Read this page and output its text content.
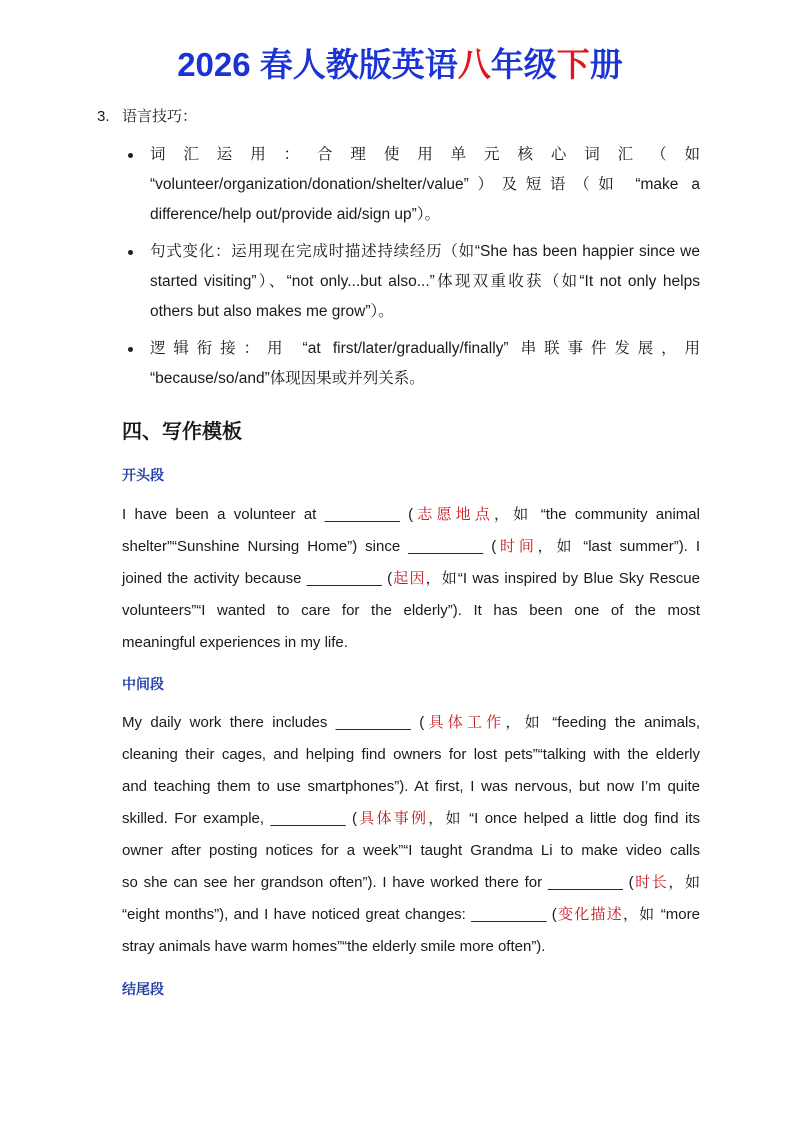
2026 春人教版英语八年级下册
3. 语言技巧：
词汇运用：合理使用单元核心词汇（如
“volunteer/organization/donation/shelter/value”）及短语（如 “make a
difference/help out/provide aid/sign up”）。
句式变化：运用现在完成时描述持续经历（如“She has been happier since we
started visiting”）、“not only...but also...”体现双重收获（如“It not only helps
others but also makes me grow”）。
逻辑衔接：用 “at first/later/gradually/finally” 串联事件发展，用
“because/so/and”体现因果或并列关系。
四、写作模板
开头段
I have been a volunteer at _________ (志愿地点，如 “the community animal
shelter”“Sunshine Nursing Home”) since _________ (时间，如 “last summer”). I
joined the activity because _________ (起因，如“I was inspired by Blue Sky Rescue
volunteers”“I wanted to care for the elderly”). It has been one of the most
meaningful experiences in my life.
中间段
My daily work there includes _________ (具体工作，如 “feeding the animals,
cleaning their cages, and helping find owners for lost pets”“talking with the elderly
and teaching them to use smartphones”). At first, I was nervous, but now I’m quite
skilled. For example, _________ (具体事例，如 “I once helped a little dog find its
owner after posting notices for a week”“I taught Grandma Li to make video calls
so she can see her grandson often”). I have worked there for _________ (时长，如
“eight months”), and I have noticed great changes: _________ (变化描述，如 “more
stray animals have warm homes”“the elderly smile more often”).
结尾段
